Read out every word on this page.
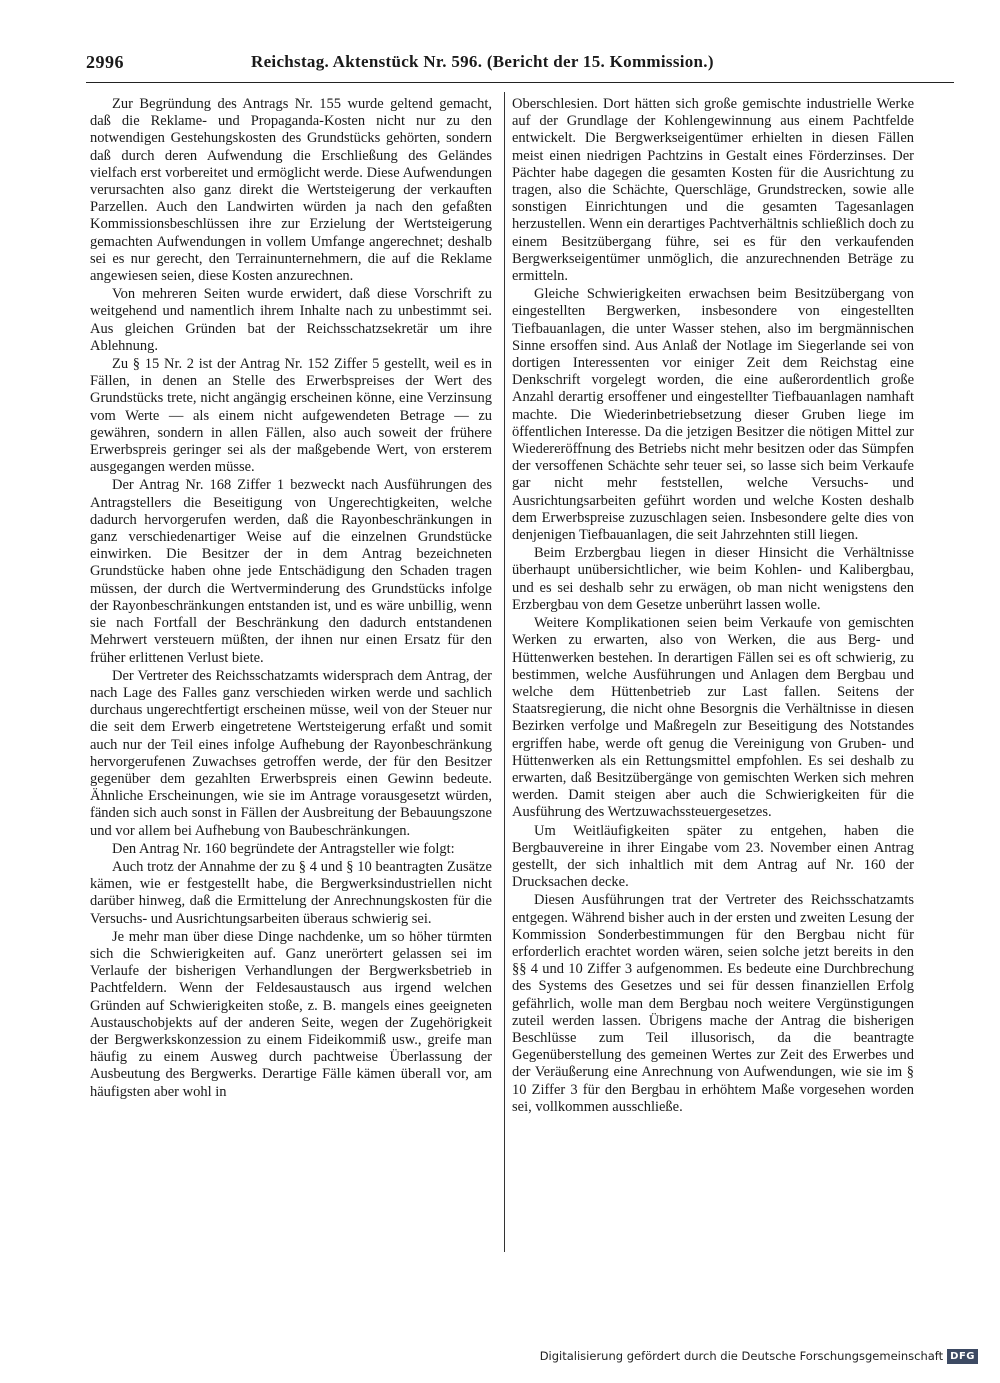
2996	Reichstag. Aktenstück Nr. 596. (Bericht der 15. Kommission.)

Zur Begründung des Antrags Nr. 155 wurde geltend gemacht, daß die Reklame- und Propaganda-Kosten nicht nur zu den notwendigen Gestehungskosten des Grundstücks gehörten, sondern daß durch deren Aufwendung die Erschließung des Geländes vielfach erst vorbereitet und ermöglicht werde. Diese Aufwendungen verursachten also ganz direkt die Wertsteigerung der verkauften Parzellen. Auch den Landwirten würden ja nach den gefaßten Kommissionsbeschlüssen ihre zur Erzielung der Wertsteigerung gemachten Aufwendungen in vollem Umfange angerechnet; deshalb sei es nur gerecht, den Terrainunternehmern, die auf die Reklame angewiesen seien, diese Kosten anzurechnen.

Von mehreren Seiten wurde erwidert, daß diese Vorschrift zu weitgehend und namentlich ihrem Inhalte nach zu unbestimmt sei. Aus gleichen Gründen bat der Reichsschatzsekretär um ihre Ablehnung.

Zu § 15 Nr. 2 ist der Antrag Nr. 152 Ziffer 5 gestellt, weil es in Fällen, in denen an Stelle des Erwerbspreises der Wert des Grundstücks trete, nicht angängig erscheinen könne, eine Verzinsung vom Werte — als einem nicht aufgewendeten Betrage — zu gewähren, sondern in allen Fällen, also auch soweit der frühere Erwerbspreis geringer sei als der maßgebende Wert, von ersterem ausgegangen werden müsse.

Der Antrag Nr. 168 Ziffer 1 bezweckt nach Ausführungen des Antragstellers die Beseitigung von Ungerechtigkeiten, welche dadurch hervorgerufen werden, daß die Rayonbeschränkungen in ganz verschiedenartiger Weise auf die einzelnen Grundstücke einwirken. Die Besitzer der in dem Antrag bezeichneten Grundstücke haben ohne jede Entschädigung den Schaden tragen müssen, der durch die Wertverminderung des Grundstücks infolge der Rayonbeschränkungen entstanden ist, und es wäre unbillig, wenn sie nach Fortfall der Beschränkung den dadurch entstandenen Mehrwert versteuern müßten, der ihnen nur einen Ersatz für den früher erlittenen Verlust biete.

Der Vertreter des Reichsschatzamts widersprach dem Antrag, der nach Lage des Falles ganz verschieden wirken werde und sachlich durchaus ungerechtfertigt erscheinen müsse, weil von der Steuer nur die seit dem Erwerb eingetretene Wertsteigerung erfaßt und somit auch nur der Teil eines infolge Aufhebung der Rayonbeschränkung hervorgerufenen Zuwachses getroffen werde, der für den Besitzer gegenüber dem gezahlten Erwerbspreis einen Gewinn bedeute. Ähnliche Erscheinungen, wie sie im Antrage vorausgesetzt würden, fänden sich auch sonst in Fällen der Ausbreitung der Bebauungszone und vor allem bei Aufhebung von Baubeschränkungen.

Den Antrag Nr. 160 begründete der Antragsteller wie folgt:

Auch trotz der Annahme der zu § 4 und § 10 beantragten Zusätze kämen, wie er festgestellt habe, die Bergwerksindustriellen nicht darüber hinweg, daß die Ermittelung der Anrechnungskosten für die Versuchs- und Ausrichtungsarbeiten überaus schwierig sei.

Je mehr man über diese Dinge nachdenke, um so höher türmten sich die Schwierigkeiten auf. Ganz unerörtert gelassen sei im Verlaufe der bisherigen Verhandlungen der Bergwerksbetrieb in Pachtfeldern. Wenn der Feldesaustausch aus irgend welchen Gründen auf Schwierigkeiten stoße, z. B. mangels eines geeigneten Austauschobjekts auf der anderen Seite, wegen der Zugehörigkeit der Bergwerkskonzession zu einem Fideikommiß usw., greife man häufig zu einem Ausweg durch pachtweise Überlassung der Ausbeutung des Bergwerks. Derartige Fälle kämen überall vor, am häufigsten aber wohl in

Oberschlesien. Dort hätten sich große gemischte industrielle Werke auf der Grundlage der Kohlengewinnung aus einem Pachtfelde entwickelt. Die Bergwerkseigentümer erhielten in diesen Fällen meist einen niedrigen Pachtzins in Gestalt eines Förderzinses. Der Pächter habe dagegen die gesamten Kosten für die Ausrichtung zu tragen, also die Schächte, Querschläge, Grundstrecken, sowie alle sonstigen Einrichtungen und die gesamten Tagesanlagen herzustellen. Wenn ein derartiges Pachtverhältnis schließlich doch zu einem Besitzübergang führe, sei es für den verkaufenden Bergwerkseigentümer unmöglich, die anzurechnenden Beträge zu ermitteln.

Gleiche Schwierigkeiten erwachsen beim Besitzübergang von eingestellten Bergwerken, insbesondere von eingestellten Tiefbauanlagen, die unter Wasser stehen, also im bergmännischen Sinne ersoffen sind. Aus Anlaß der Notlage im Siegerlande sei von dortigen Interessenten vor einiger Zeit dem Reichstag eine Denkschrift vorgelegt worden, die eine außerordentlich große Anzahl derartig ersoffener und eingestellter Tiefbauanlagen namhaft machte. Die Wiederinbetriebsetzung dieser Gruben liege im öffentlichen Interesse. Da die jetzigen Besitzer die nötigen Mittel zur Wiedereröffnung des Betriebs nicht mehr besitzen oder das Sümpfen der versoffenen Schächte sehr teuer sei, so lasse sich beim Verkaufe gar nicht mehr feststellen, welche Versuchs- und Ausrichtungsarbeiten geführt worden und welche Kosten deshalb dem Erwerbspreise zuzuschlagen seien. Insbesondere gelte dies von denjenigen Tiefbauanlagen, die seit Jahrzehnten still liegen.

Beim Erzbergbau liegen in dieser Hinsicht die Verhältnisse überhaupt unübersichtlicher, wie beim Kohlen- und Kalibergbau, und es sei deshalb sehr zu erwägen, ob man nicht wenigstens den Erzbergbau von dem Gesetze unberührt lassen wolle.

Weitere Komplikationen seien beim Verkaufe von gemischten Werken zu erwarten, also von Werken, die aus Berg- und Hüttenwerken bestehen. In derartigen Fällen sei es oft schwierig, zu bestimmen, welche Ausführungen und Anlagen dem Bergbau und welche dem Hüttenbetrieb zur Last fallen. Seitens der Staatsregierung, die nicht ohne Besorgnis die Verhältnisse in diesen Bezirken verfolge und Maßregeln zur Beseitigung des Notstandes ergriffen habe, werde oft genug die Vereinigung von Gruben- und Hüttenwerken als ein Rettungsmittel empfohlen. Es sei deshalb zu erwarten, daß Besitzübergänge von gemischten Werken sich mehren werden. Damit steigen aber auch die Schwierigkeiten für die Ausführung des Wertzuwachssteuergesetzes.

Um Weitläufigkeiten später zu entgehen, haben die Bergbauvereine in ihrer Eingabe vom 23. November einen Antrag gestellt, der sich inhaltlich mit dem Antrag auf Nr. 160 der Drucksachen decke.

Diesen Ausführungen trat der Vertreter des Reichsschatzamts entgegen. Während bisher auch in der ersten und zweiten Lesung der Kommission Sonderbestimmungen für den Bergbau nicht für erforderlich erachtet worden wären, seien solche jetzt bereits in den §§ 4 und 10 Ziffer 3 aufgenommen. Es bedeute eine Durchbrechung des Systems des Gesetzes und sei für dessen finanziellen Erfolg gefährlich, wolle man dem Bergbau noch weitere Vergünstigungen zuteil werden lassen. Übrigens mache der Antrag die bisherigen Beschlüsse zum Teil illusorisch, da die beantragte Gegenüberstellung des gemeinen Wertes zur Zeit des Erwerbes und der Veräußerung eine Anrechnung von Aufwendungen, wie sie im § 10 Ziffer 3 für den Bergbau in erhöhtem Maße vorgesehen worden sei, vollkommen ausschließe.

Digitalisierung gefördert durch die Deutsche Forschungsgemeinschaft DFG
